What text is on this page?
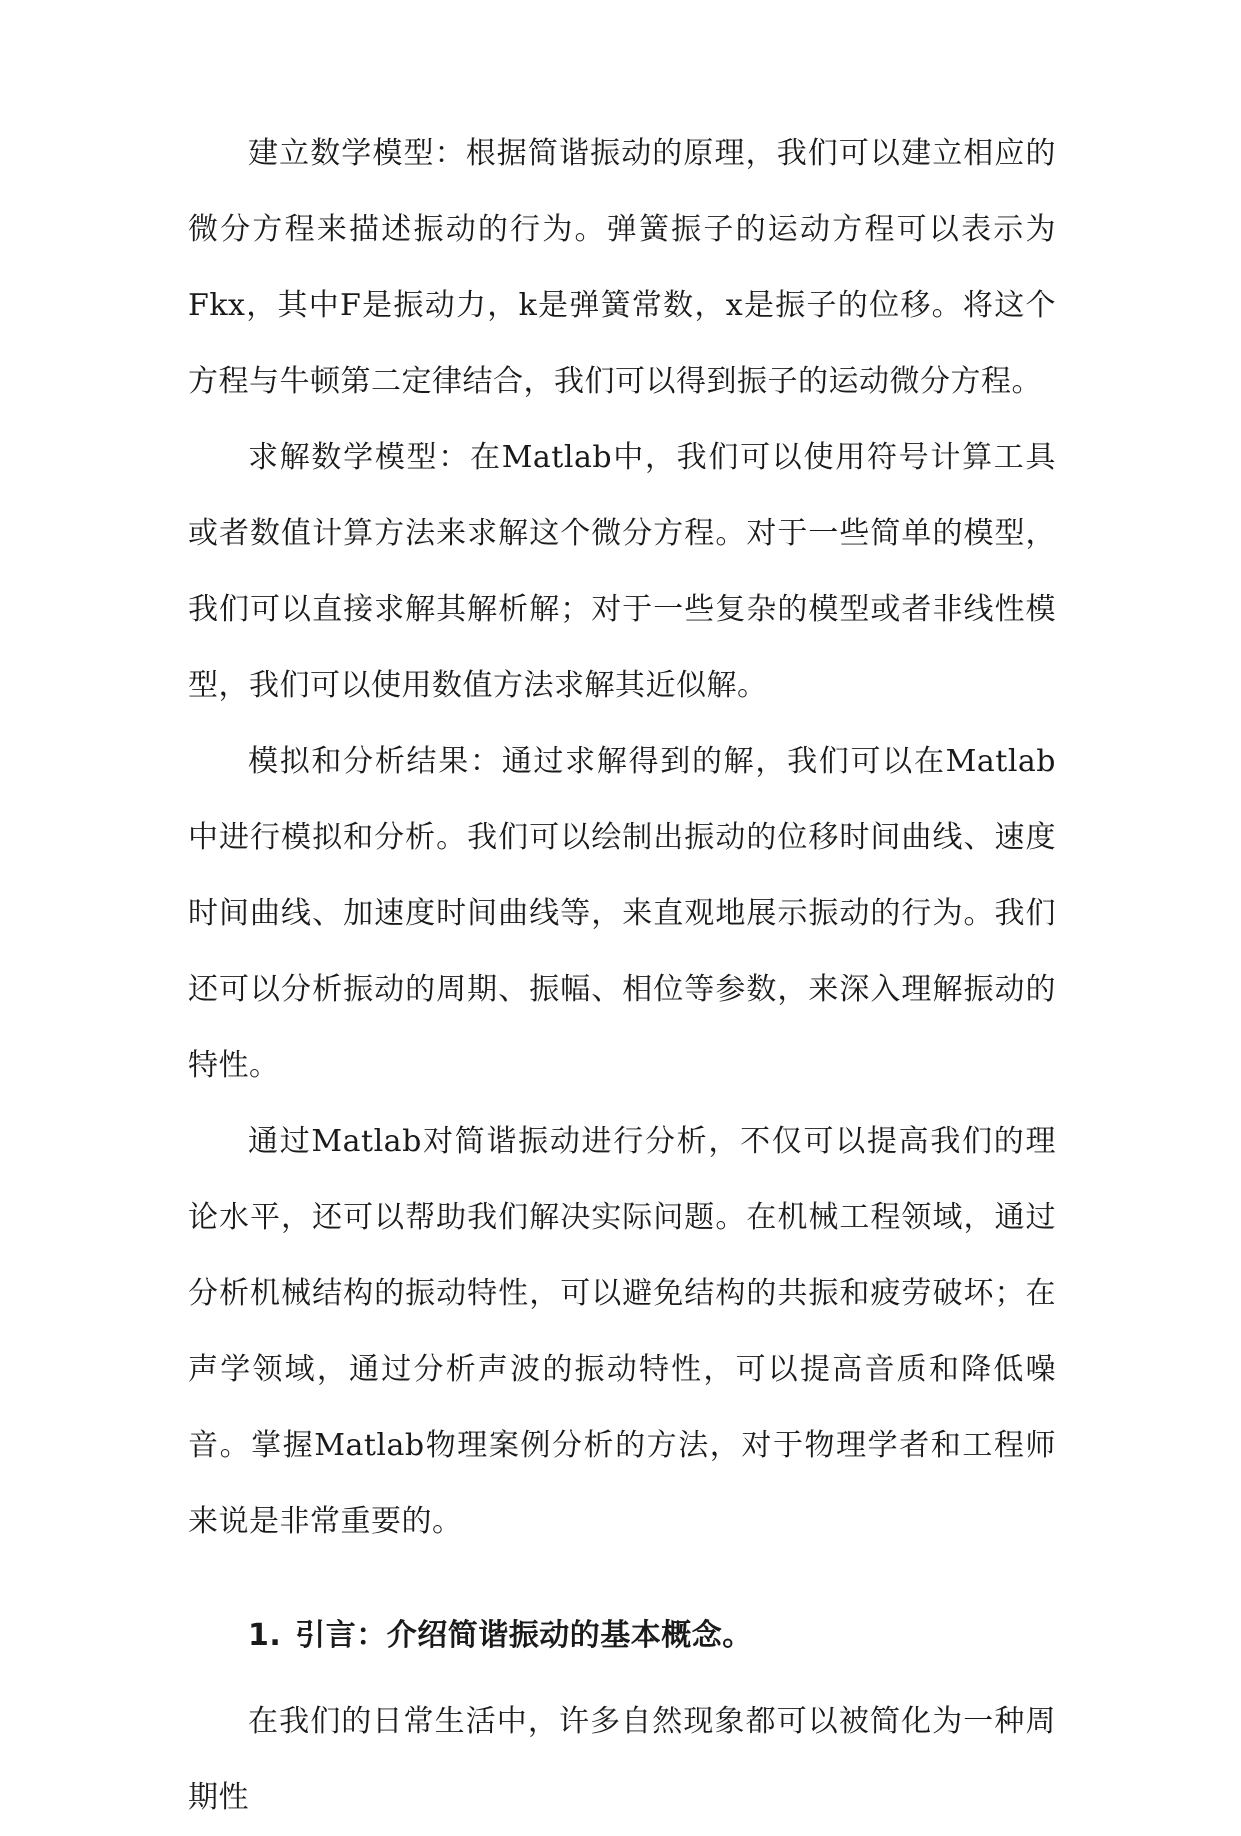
建立数学模型：根据简谐振动的原理，我们可以建立相应的微分方程来描述振动的行为。弹簧振子的运动方程可以表示为Fkx，其中F是振动力，k是弹簧常数，x是振子的位移。将这个方程与牛顿第二定律结合，我们可以得到振子的运动微分方程。

求解数学模型：在Matlab中，我们可以使用符号计算工具或者数值计算方法来求解这个微分方程。对于一些简单的模型，我们可以直接求解其解析解；对于一些复杂的模型或者非线性模型，我们可以使用数值方法求解其近似解。

模拟和分析结果：通过求解得到的解，我们可以在Matlab中进行模拟和分析。我们可以绘制出振动的位移时间曲线、速度时间曲线、加速度时间曲线等，来直观地展示振动的行为。我们还可以分析振动的周期、振幅、相位等参数，来深入理解振动的特性。

通过Matlab对简谐振动进行分析，不仅可以提高我们的理论水平，还可以帮助我们解决实际问题。在机械工程领域，通过分析机械结构的振动特性，可以避免结构的共振和疲劳破坏；在声学领域，通过分析声波的振动特性，可以提高音质和降低噪音。掌握Matlab物理案例分析的方法，对于物理学者和工程师来说是非常重要的。

1. 引言：介绍简谐振动的基本概念。

在我们的日常生活中，许多自然现象都可以被简化为一种周期性
